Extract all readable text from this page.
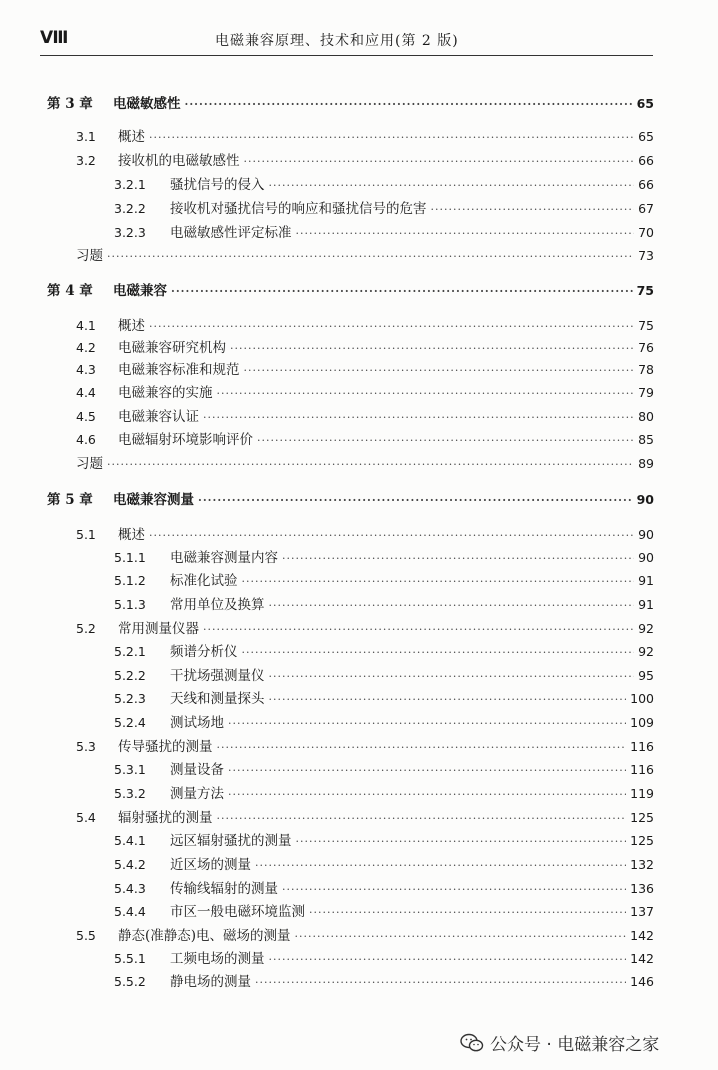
Ⅷ	电磁兼容原理、技术和应用(第 2 版)
第 3 章	电磁敏感性 ·····	65
3.1	概述 ·····	65
3.2	接收机的电磁敏感性 ·····	66
3.2.1	骚扰信号的侵入 ·····	66
3.2.2	接收机对骚扰信号的响应和骚扰信号的危害 ·····	67
3.2.3	电磁敏感性评定标准 ·····	70
习题 ·····	73
第 4 章	电磁兼容 ·····	75
4.1	概述 ·····	75
4.2	电磁兼容研究机构 ·····	76
4.3	电磁兼容标准和规范 ·····	78
4.4	电磁兼容的实施 ·····	79
4.5	电磁兼容认证 ·····	80
4.6	电磁辐射环境影响评价 ·····	85
习题 ·····	89
第 5 章	电磁兼容测量 ·····	90
5.1	概述 ·····	90
5.1.1	电磁兼容测量内容 ·····	90
5.1.2	标准化试验 ·····	91
5.1.3	常用单位及换算 ·····	91
5.2	常用测量仪器 ·····	92
5.2.1	频谱分析仪 ·····	92
5.2.2	干扰场强测量仪 ·····	95
5.2.3	天线和测量探头 ·····	100
5.2.4	测试场地 ·····	109
5.3	传导骚扰的测量 ·····	116
5.3.1	测量设备 ·····	116
5.3.2	测量方法 ·····	119
5.4	辐射骚扰的测量 ·····	125
5.4.1	远区辐射骚扰的测量 ·····	125
5.4.2	近区场的测量 ·····	132
5.4.3	传输线辐射的测量 ·····	136
5.4.4	市区一般电磁环境监测 ·····	137
5.5	静态(准静态)电、磁场的测量 ·····	142
5.5.1	工频电场的测量 ·····	142
5.5.2	静电场的测量 ·····	146
公众号 · 电磁兼容之家
